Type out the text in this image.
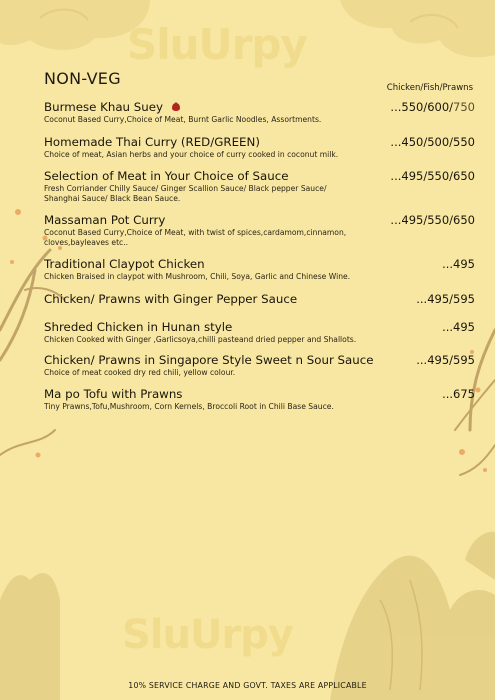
SluUrpy
SluUrpy
NON-VEG	Chicken/Fish/Prawns
Burmese Khau Suey	...550/600/750
Coconut Based Curry,Choice of Meat, Burnt Garlic Noodles, Assortments.
Homemade Thai Curry (RED/GREEN)	...450/500/550
Choice of meat, Asian herbs and your choice of curry cooked in coconut milk.
Selection of Meat in Your Choice of Sauce	...495/550/650
Fresh Corriander Chilly Sauce/ Ginger Scallion Sauce/ Black pepper Sauce/ Shanghai Sauce/ Black Bean Sauce.
Massaman Pot Curry	...495/550/650
Coconut Based Curry,Choice of Meat, with twist of spices,cardamom,cinnamon, cloves,bayleaves etc..
Traditional Claypot Chicken	...495
Chicken Braised in claypot with Mushroom, Chili, Soya, Garlic and Chinese Wine.
Chicken/ Prawns with Ginger Pepper Sauce	...495/595
Shreded Chicken in Hunan style	...495
Chicken Cooked with Ginger ,Garlicsoya,chilli pasteand dried pepper and Shallots.
Chicken/ Prawns in Singapore Style Sweet n Sour Sauce	...495/595
Choice of meat cooked dry red chili, yellow colour.
Ma po Tofu with Prawns	...675
Tiny Prawns,Tofu,Mushroom, Corn Kernels, Broccoli Root in Chili Base Sauce.
10% SERVICE CHARGE AND GOVT. TAXES ARE APPLICABLE
